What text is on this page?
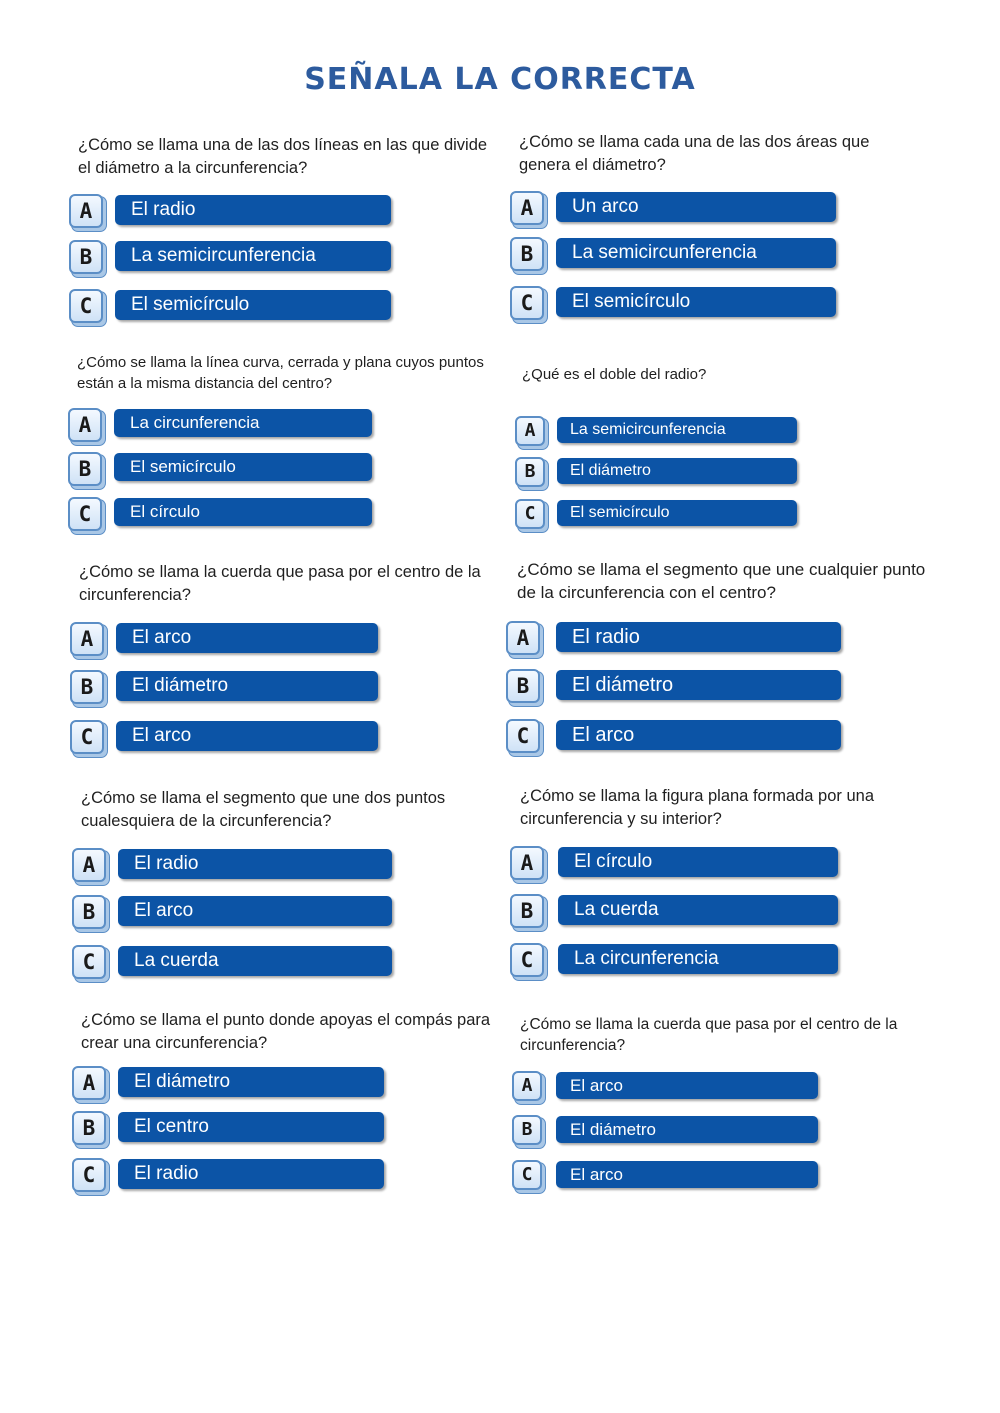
SEÑALA LA CORRECTA

¿Cómo se llama una de las dos líneas en las que divide el diámetro a la circunferencia?

A	El radio
B	La semicircunferencia
C	El semicírculo

¿Cómo se llama cada una de las dos áreas que genera el diámetro?

A	Un arco
B	La semicircunferencia
C	El semicírculo

¿Cómo se llama la línea curva, cerrada y plana cuyos puntos están a la misma distancia del centro?

A	La circunferencia
B	El semicírculo
C	El círculo

¿Qué es el doble del radio?

A	La semicircunferencia
B	El diámetro
C	El semicírculo

¿Cómo se llama la cuerda que pasa por el centro de la circunferencia?

A	El arco
B	El diámetro
C	El arco

¿Cómo se llama el segmento que une cualquier punto de la circunferencia con el centro?

A	El radio
B	El diámetro
C	El arco

¿Cómo se llama el segmento que une dos puntos cualesquiera de la circunferencia?

A	El radio
B	El arco
C	La cuerda

¿Cómo se llama la figura plana formada por una circunferencia y su interior?

A	El círculo
B	La cuerda
C	La circunferencia

¿Cómo se llama el punto donde apoyas el compás para crear una circunferencia?

A	El diámetro
B	El centro
C	El radio

¿Cómo se llama la cuerda que pasa por el centro de la circunferencia?

A	El arco
B	El diámetro
C	El arco
